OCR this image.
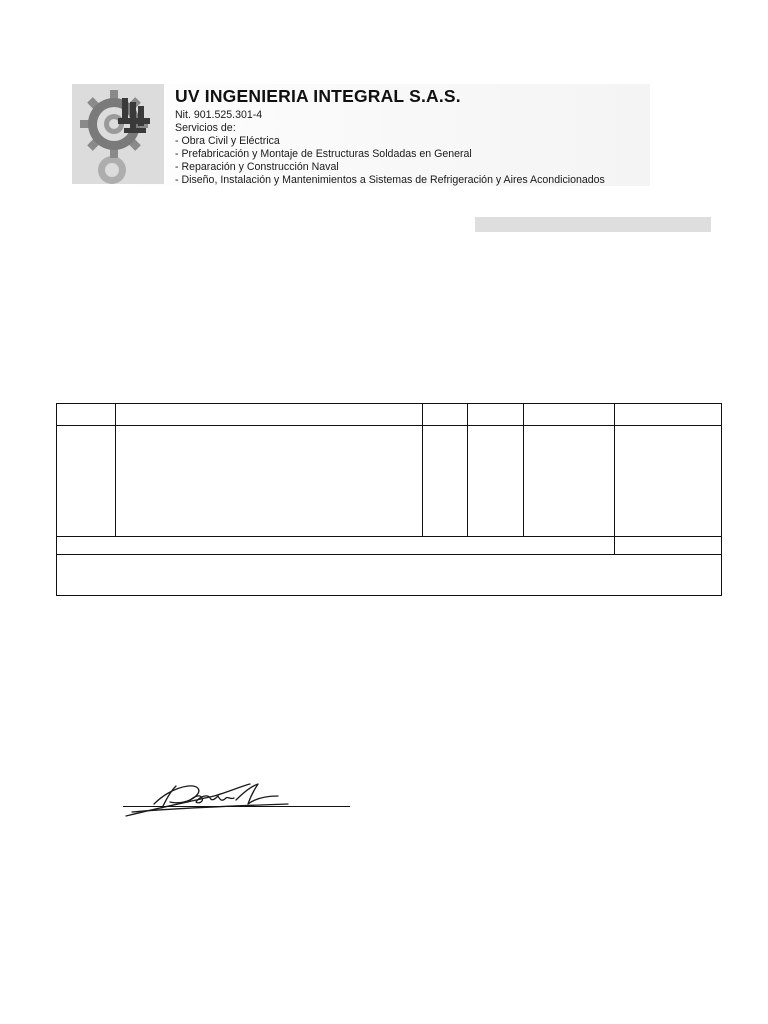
UV INGENIERIA INTEGRAL S.A.S.
Nit. 901.525.301-4
Servicios de:
- Obra Civil y Eléctrica
- Prefabricación y Montaje de Estructuras Soldadas en General
- Reparación y Construcción Naval
- Diseño, Instalación y Mantenimientos a Sistemas de Refrigeración y Aires Acondicionados
